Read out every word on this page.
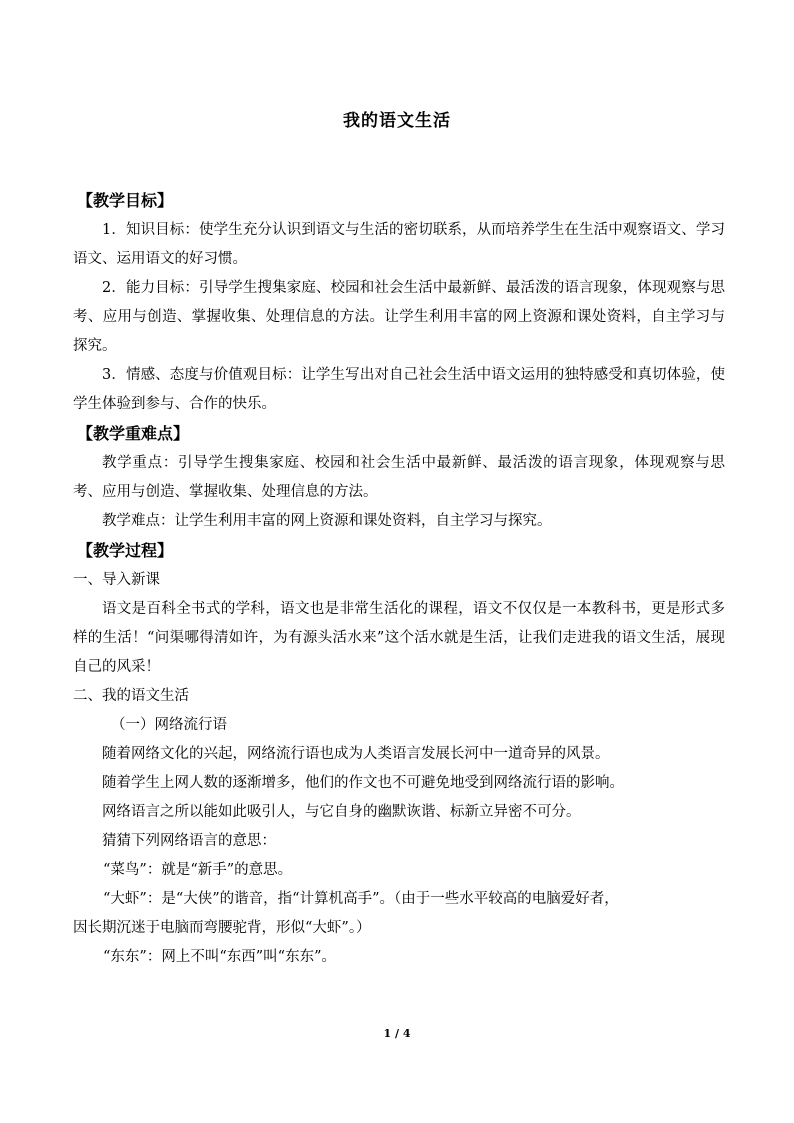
我的语文生活
【教学目标】

1．知识目标：使学生充分认识到语文与生活的密切联系，从而培养学生在生活中观察语文、学习语文、运用语文的好习惯。

2．能力目标：引导学生搜集家庭、校园和社会生活中最新鲜、最活泼的语言现象，体现观察与思考、应用与创造、掌握收集、处理信息的方法。让学生利用丰富的网上资源和课处资料，自主学习与探究。

3．情感、态度与价值观目标：让学生写出对自己社会生活中语文运用的独特感受和真切体验，使学生体验到参与、合作的快乐。

【教学重难点】

教学重点：引导学生搜集家庭、校园和社会生活中最新鲜、最活泼的语言现象，体现观察与思考、应用与创造、掌握收集、处理信息的方法。

教学难点：让学生利用丰富的网上资源和课处资料，自主学习与探究。

【教学过程】

一、导入新课

语文是百科全书式的学科，语文也是非常生活化的课程，语文不仅仅是一本教科书，更是形式多样的生活！“问渠哪得清如许，为有源头活水来”这个活水就是生活，让我们走进我的语文生活，展现自己的风采！

二、我的语文生活

（一）网络流行语

随着网络文化的兴起，网络流行语也成为人类语言发展长河中一道奇异的风景。

随着学生上网人数的逐渐增多，他们的作文也不可避免地受到网络流行语的影响。

网络语言之所以能如此吸引人，与它自身的幽默诙谐、标新立异密不可分。

猜猜下列网络语言的意思：

“菜鸟”：就是“新手”的意思。

“大虾”：是“大侠”的谐音，指“计算机高手”。（由于一些水平较高的电脑爱好者，

因长期沉迷于电脑而弯腰驼背，形似“大虾”。）

“东东”：网上不叫“东西”叫“东东”。

1 / 4
